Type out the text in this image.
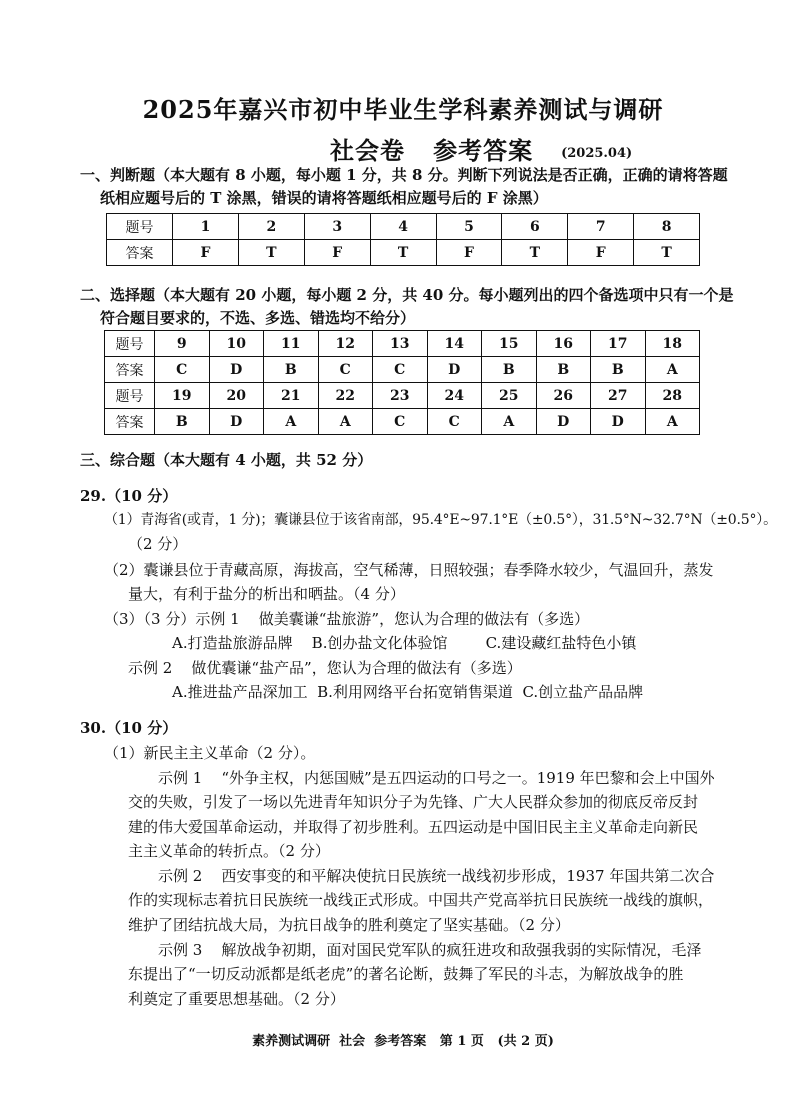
2025年嘉兴市初中毕业生学科素养测试与调研
社会卷   参考答案 (2025.04)
一、判断题（本大题有 8 小题，每小题 1 分，共 8 分。判断下列说法是否正确，正确的请将答题
纸相应题号后的 T 涂黑，错误的请将答题纸相应题号后的 F 涂黑）
题号	1	2	3	4	5	6	7	8
答案	F	T	F	T	F	T	F	T
二、选择题（本大题有 20 小题，每小题 2 分，共 40 分。每小题列出的四个备选项中只有一个是
符合题目要求的，不选、多选、错选均不给分）
题号	9	10	11	12	13	14	15	16	17	18
答案	C	D	B	C	C	D	B	B	B	A
题号	19	20	21	22	23	24	25	26	27	28
答案	B	D	A	A	C	C	A	D	D	A
三、综合题（本大题有 4 小题，共 52 分）
29.（10 分）
（1）青海省(或青，1 分)；囊谦县位于该省南部，95.4°E~97.1°E（±0.5°），31.5°N~32.7°N（±0.5°）。
（2 分）
（2）囊谦县位于青藏高原，海拔高，空气稀薄，日照较强；春季降水较少，气温回升，蒸发
量大，有利于盐分的析出和晒盐。（4 分）
（3）（3 分）示例 1    做美囊谦“盐旅游”，您认为合理的做法有（多选）
A.打造盐旅游品牌    B.创办盐文化体验馆        C.建设藏红盐特色小镇
示例 2    做优囊谦“盐产品”，您认为合理的做法有（多选）
A.推进盐产品深加工  B.利用网络平台拓宽销售渠道  C.创立盐产品品牌
30.（10 分）
（1）新民主主义革命（2 分）。
示例 1    “外争主权，内惩国贼”是五四运动的口号之一。1919 年巴黎和会上中国外
交的失败，引发了一场以先进青年知识分子为先锋、广大人民群众参加的彻底反帝反封
建的伟大爱国革命运动，并取得了初步胜利。五四运动是中国旧民主主义革命走向新民
主主义革命的转折点。（2 分）
示例 2    西安事变的和平解决使抗日民族统一战线初步形成，1937 年国共第二次合
作的实现标志着抗日民族统一战线正式形成。中国共产党高举抗日民族统一战线的旗帜，
维护了团结抗战大局，为抗日战争的胜利奠定了坚实基础。（2 分）
示例 3    解放战争初期，面对国民党军队的疯狂进攻和敌强我弱的实际情况，毛泽
东提出了“一切反动派都是纸老虎”的著名论断，鼓舞了军民的斗志，为解放战争的胜
利奠定了重要思想基础。（2 分）
素养测试调研  社会  参考答案   第 1 页   (共 2 页)
